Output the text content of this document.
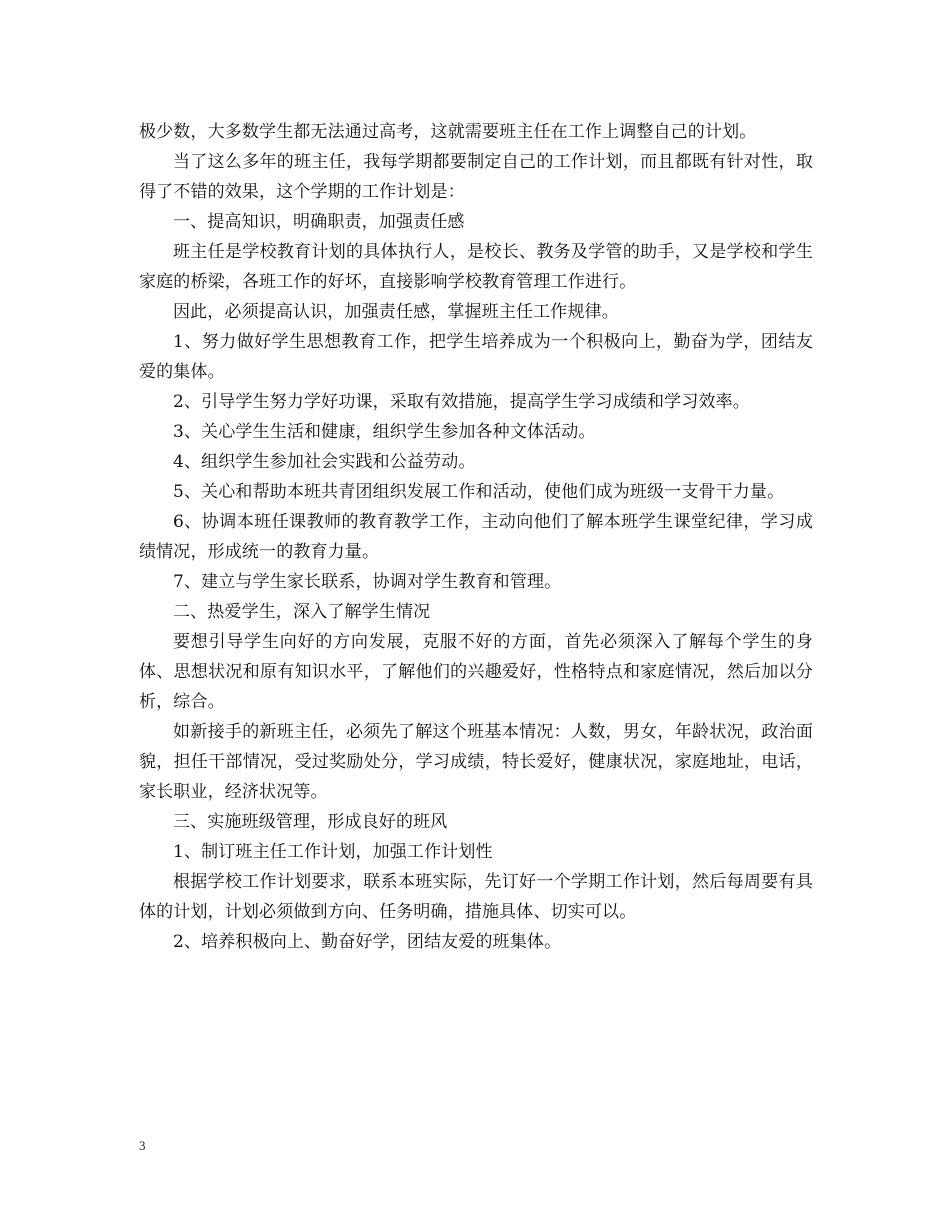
极少数，大多数学生都无法通过高考，这就需要班主任在工作上调整自己的计划。

当了这么多年的班主任，我每学期都要制定自己的工作计划，而且都既有针对性，取得了不错的效果，这个学期的工作计划是：

一、提高知识，明确职责，加强责任感

班主任是学校教育计划的具体执行人，是校长、教务及学管的助手，又是学校和学生家庭的桥梁，各班工作的好坏，直接影响学校教育管理工作进行。

因此，必须提高认识，加强责任感，掌握班主任工作规律。

1、努力做好学生思想教育工作，把学生培养成为一个积极向上，勤奋为学，团结友爱的集体。

2、引导学生努力学好功课，采取有效措施，提高学生学习成绩和学习效率。

3、关心学生生活和健康，组织学生参加各种文体活动。

4、组织学生参加社会实践和公益劳动。

5、关心和帮助本班共青团组织发展工作和活动，使他们成为班级一支骨干力量。

6、协调本班任课教师的教育教学工作，主动向他们了解本班学生课堂纪律，学习成绩情况，形成统一的教育力量。

7、建立与学生家长联系，协调对学生教育和管理。

二、热爱学生，深入了解学生情况

要想引导学生向好的方向发展，克服不好的方面，首先必须深入了解每个学生的身体、思想状况和原有知识水平，了解他们的兴趣爱好，性格特点和家庭情况，然后加以分析，综合。

如新接手的新班主任，必须先了解这个班基本情况：人数，男女，年龄状况，政治面貌，担任干部情况，受过奖励处分，学习成绩，特长爱好，健康状况，家庭地址，电话，家长职业，经济状况等。

三、实施班级管理，形成良好的班风

1、制订班主任工作计划，加强工作计划性

根据学校工作计划要求，联系本班实际，先订好一个学期工作计划，然后每周要有具体的计划，计划必须做到方向、任务明确，措施具体、切实可以。

2、培养积极向上、勤奋好学，团结友爱的班集体。

3
